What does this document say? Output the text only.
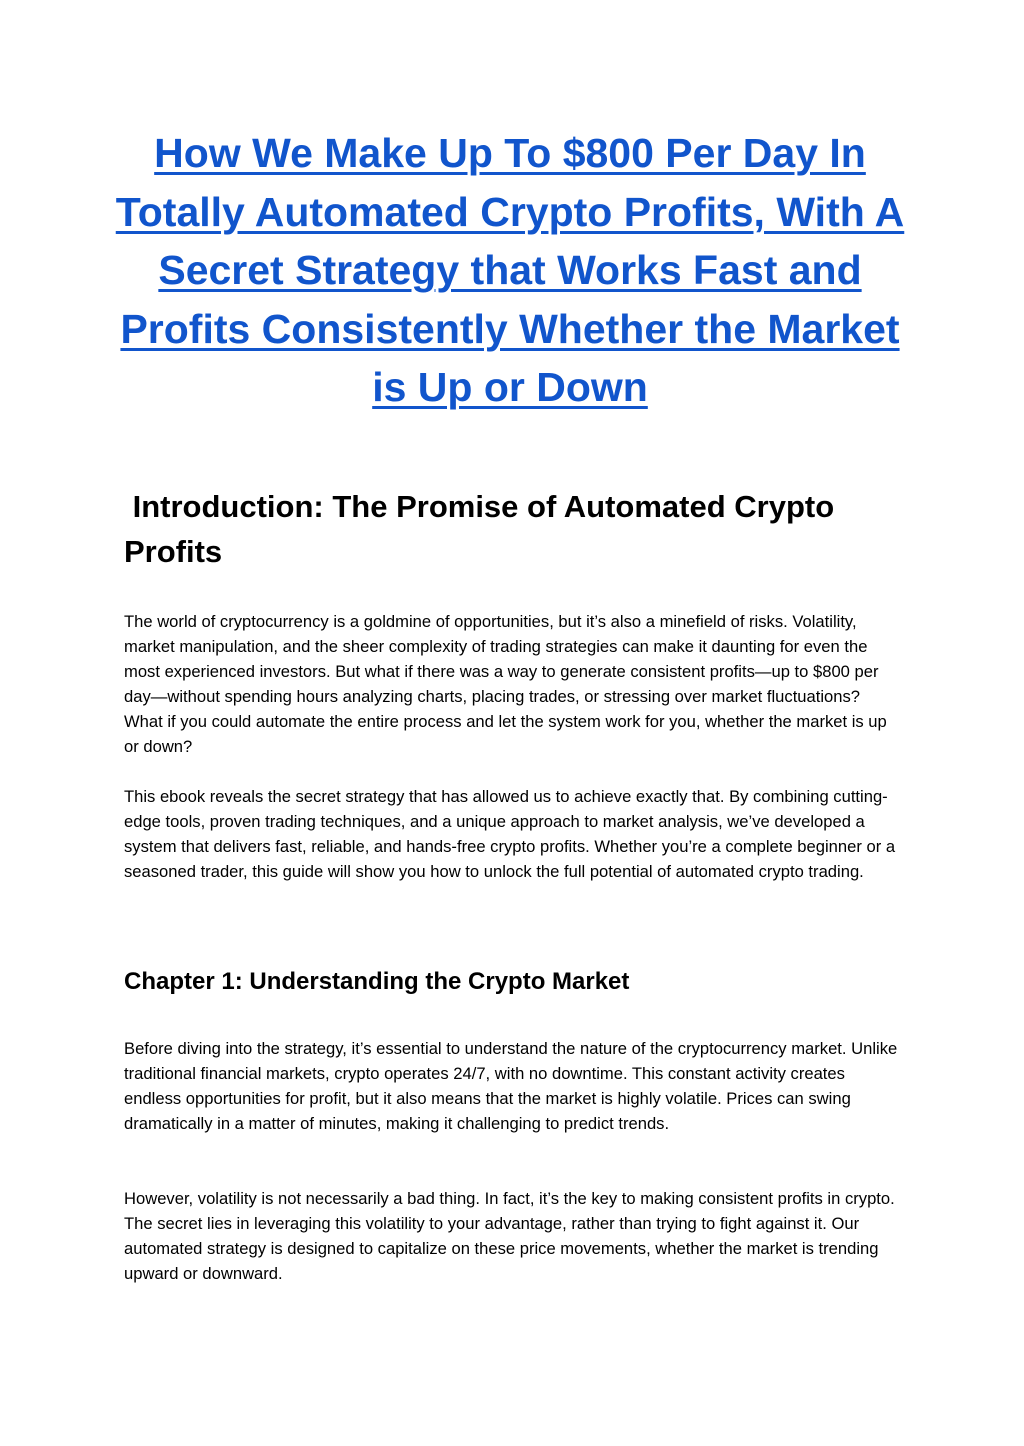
How We Make Up To $800 Per Day In Totally Automated Crypto Profits, With A Secret Strategy that Works Fast and Profits Consistently Whether the Market is Up or Down
Introduction: The Promise of Automated Crypto Profits

The world of cryptocurrency is a goldmine of opportunities, but it’s also a minefield of risks. Volatility, market manipulation, and the sheer complexity of trading strategies can make it daunting for even the most experienced investors. But what if there was a way to generate consistent profits—up to $800 per day—without spending hours analyzing charts, placing trades, or stressing over market fluctuations? What if you could automate the entire process and let the system work for you, whether the market is up or down?

This ebook reveals the secret strategy that has allowed us to achieve exactly that. By combining cutting-edge tools, proven trading techniques, and a unique approach to market analysis, we’ve developed a system that delivers fast, reliable, and hands-free crypto profits. Whether you’re a complete beginner or a seasoned trader, this guide will show you how to unlock the full potential of automated crypto trading.

Chapter 1: Understanding the Crypto Market

Before diving into the strategy, it’s essential to understand the nature of the cryptocurrency market. Unlike traditional financial markets, crypto operates 24/7, with no downtime. This constant activity creates endless opportunities for profit, but it also means that the market is highly volatile. Prices can swing dramatically in a matter of minutes, making it challenging to predict trends.

However, volatility is not necessarily a bad thing. In fact, it’s the key to making consistent profits in crypto. The secret lies in leveraging this volatility to your advantage, rather than trying to fight against it. Our automated strategy is designed to capitalize on these price movements, whether the market is trending upward or downward.
